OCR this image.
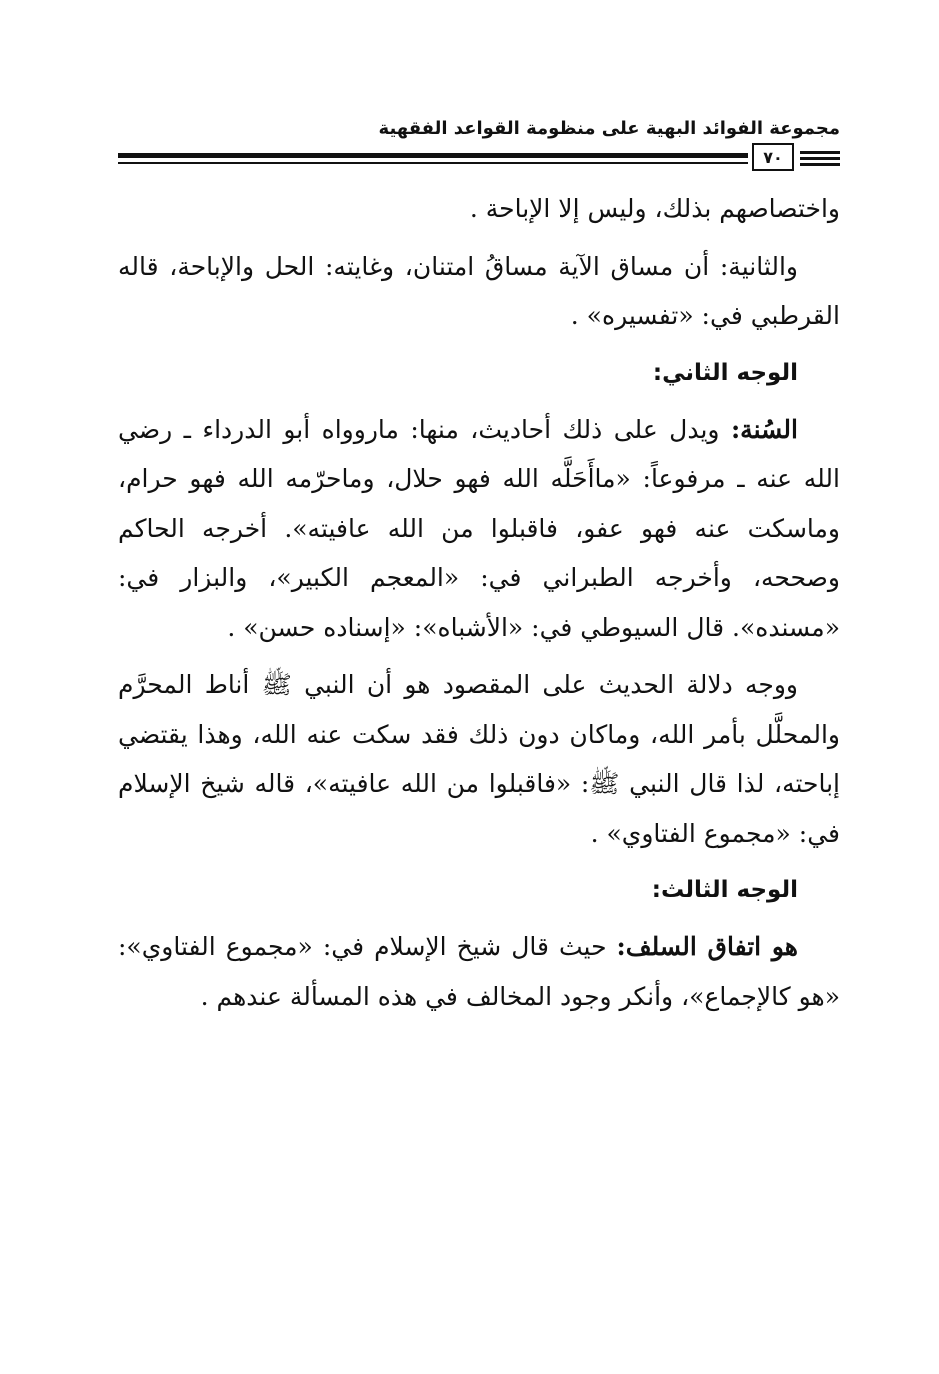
مجموعة الفوائد البهية على منظومة القواعد الفقهية
٧٠

واختصاصهم بذلك، وليس إلا الإباحة .

والثانية: أن مساق الآية مساقُ امتنان، وغايته: الحل والإباحة، قاله القرطبي في: «تفسيره» .

الوجه الثاني:

السُنة: ويدل على ذلك أحاديث، منها: ماروواه أبو الدرداء ـ رضي الله عنه ـ مرفوعاً: «ماأَحَلَّه الله فهو حلال، وماحرّمه الله فهو حرام، وماسكت عنه فهو عفو، فاقبلوا من الله عافيته». أخرجه الحاكم وصححه، وأخرجه الطبراني في: «المعجم الكبير»، والبزار في: «مسنده». قال السيوطي في: «الأشباه»: «إسناده حسن» .

ووجه دلالة الحديث على المقصود هو أن النبي ﷺ أناط المحرَّم والمحلَّل بأمر الله، وماكان دون ذلك فقد سكت عنه الله، وهذا يقتضي إباحته، لذا قال النبي ﷺ: «فاقبلوا من الله عافيته»، قاله شيخ الإسلام في: «مجموع الفتاوي» .

الوجه الثالث:

هو اتفاق السلف: حيث قال شيخ الإسلام في: «مجموع الفتاوي»: «هو كالإجماع»، وأنكر وجود المخالف في هذه المسألة عندهم .
